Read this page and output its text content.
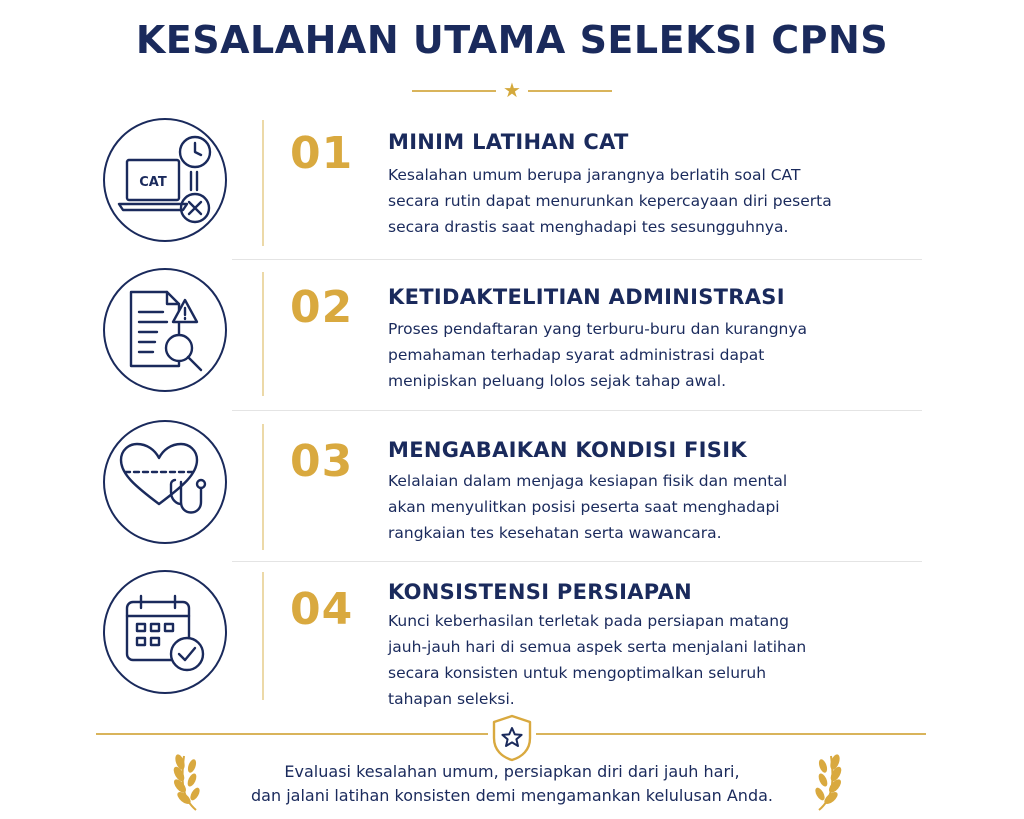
KESALAHAN UTAMA SELEKSI CPNS
★
CAT
01 MINIM LATIHAN CAT
Kesalahan umum berupa jarangnya berlatih soal CAT
secara rutin dapat menurunkan kepercayaan diri peserta
secara drastis saat menghadapi tes sesungguhnya.
02 KETIDAKTELITIAN ADMINISTRASI
Proses pendaftaran yang terburu-buru dan kurangnya
pemahaman terhadap syarat administrasi dapat
menipiskan peluang lolos sejak tahap awal.
03 MENGABAIKAN KONDISI FISIK
Kelalaian dalam menjaga kesiapan fisik dan mental
akan menyulitkan posisi peserta saat menghadapi
rangkaian tes kesehatan serta wawancara.
04 KONSISTENSI PERSIAPAN
Kunci keberhasilan terletak pada persiapan matang
jauh-jauh hari di semua aspek serta menjalani latihan
secara konsisten untuk mengoptimalkan seluruh
tahapan seleksi.
Evaluasi kesalahan umum, persiapkan diri dari jauh hari,
dan jalani latihan konsisten demi mengamankan kelulusan Anda.
